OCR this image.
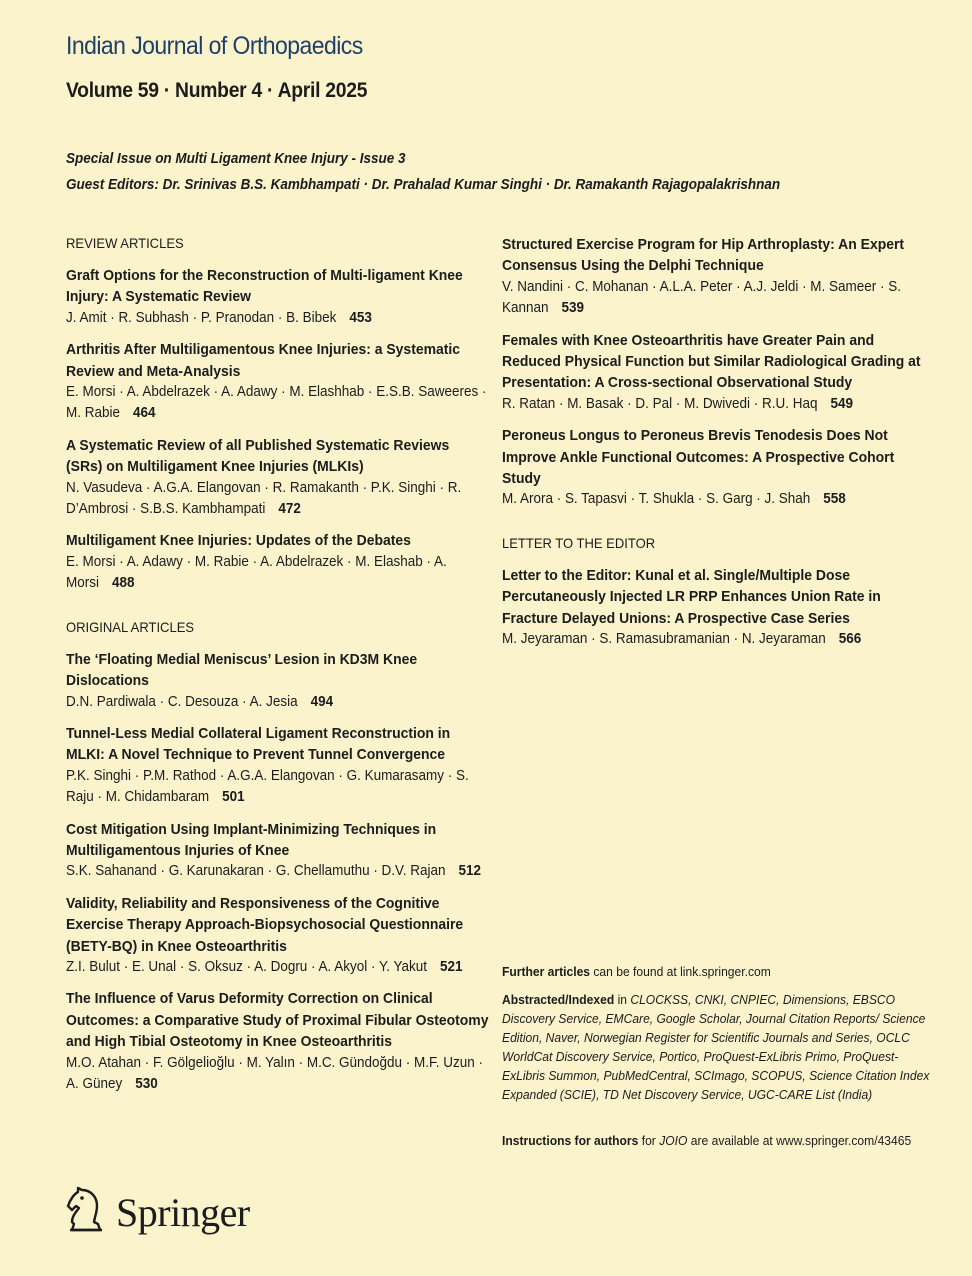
Indian Journal of Orthopaedics
Volume 59 · Number 4 · April 2025
Special Issue on Multi Ligament Knee Injury - Issue 3
Guest Editors: Dr. Srinivas B.S. Kambhampati · Dr. Prahalad Kumar Singhi · Dr. Ramakanth Rajagopalakrishnan
REVIEW ARTICLES
Graft Options for the Reconstruction of Multi-ligament Knee Injury: A Systematic Review
J. Amit · R. Subhash · P. Pranodan · B. Bibek 453
Arthritis After Multiligamentous Knee Injuries: a Systematic Review and Meta-Analysis
E. Morsi · A. Abdelrazek · A. Adawy · M. Elashhab · E.S.B. Saweeres · M. Rabie 464
A Systematic Review of all Published Systematic Reviews (SRs) on Multiligament Knee Injuries (MLKIs)
N. Vasudeva · A.G.A. Elangovan · R. Ramakanth · P.K. Singhi · R. D’Ambrosi · S.B.S. Kambhampati 472
Multiligament Knee Injuries: Updates of the Debates
E. Morsi · A. Adawy · M. Rabie · A. Abdelrazek · M. Elashab · A. Morsi 488
ORIGINAL ARTICLES
The ‘Floating Medial Meniscus’ Lesion in KD3M Knee Dislocations
D.N. Pardiwala · C. Desouza · A. Jesia 494
Tunnel-Less Medial Collateral Ligament Reconstruction in MLKI: A Novel Technique to Prevent Tunnel Convergence
P.K. Singhi · P.M. Rathod · A.G.A. Elangovan · G. Kumarasamy · S. Raju · M. Chidambaram 501
Cost Mitigation Using Implant-Minimizing Techniques in Multiligamentous Injuries of Knee
S.K. Sahanand · G. Karunakaran · G. Chellamuthu · D.V. Rajan 512
Validity, Reliability and Responsiveness of the Cognitive Exercise Therapy Approach-Biopsychosocial Questionnaire (BETY-BQ) in Knee Osteoarthritis
Z.I. Bulut · E. Unal · S. Oksuz · A. Dogru · A. Akyol · Y. Yakut 521
The Influence of Varus Deformity Correction on Clinical Outcomes: a Comparative Study of Proximal Fibular Osteotomy and High Tibial Osteotomy in Knee Osteoarthritis
M.O. Atahan · F. Gölgelioğlu · M. Yalın · M.C. Gündoğdu · M.F. Uzun · A. Güney 530
Structured Exercise Program for Hip Arthroplasty: An Expert Consensus Using the Delphi Technique
V. Nandini · C. Mohanan · A.L.A. Peter · A.J. Jeldi · M. Sameer · S. Kannan 539
Females with Knee Osteoarthritis have Greater Pain and Reduced Physical Function but Similar Radiological Grading at Presentation: A Cross-sectional Observational Study
R. Ratan · M. Basak · D. Pal · M. Dwivedi · R.U. Haq 549
Peroneus Longus to Peroneus Brevis Tenodesis Does Not Improve Ankle Functional Outcomes: A Prospective Cohort Study
M. Arora · S. Tapasvi · T. Shukla · S. Garg · J. Shah 558
LETTER TO THE EDITOR
Letter to the Editor: Kunal et al. Single/Multiple Dose Percutaneously Injected LR PRP Enhances Union Rate in Fracture Delayed Unions: A Prospective Case Series
M. Jeyaraman · S. Ramasubramanian · N. Jeyaraman 566
Further articles can be found at link.springer.com
Abstracted/Indexed in CLOCKSS, CNKI, CNPIEC, Dimensions, EBSCO Discovery Service, EMCare, Google Scholar, Journal Citation Reports/ Science Edition, Naver, Norwegian Register for Scientific Journals and Series, OCLC WorldCat Discovery Service, Portico, ProQuest-ExLibris Primo, ProQuest-ExLibris Summon, PubMedCentral, SCImago, SCOPUS, Science Citation Index Expanded (SCIE), TD Net Discovery Service, UGC-CARE List (India)
Instructions for authors for JOIO are available at www.springer.com/43465
Springer
